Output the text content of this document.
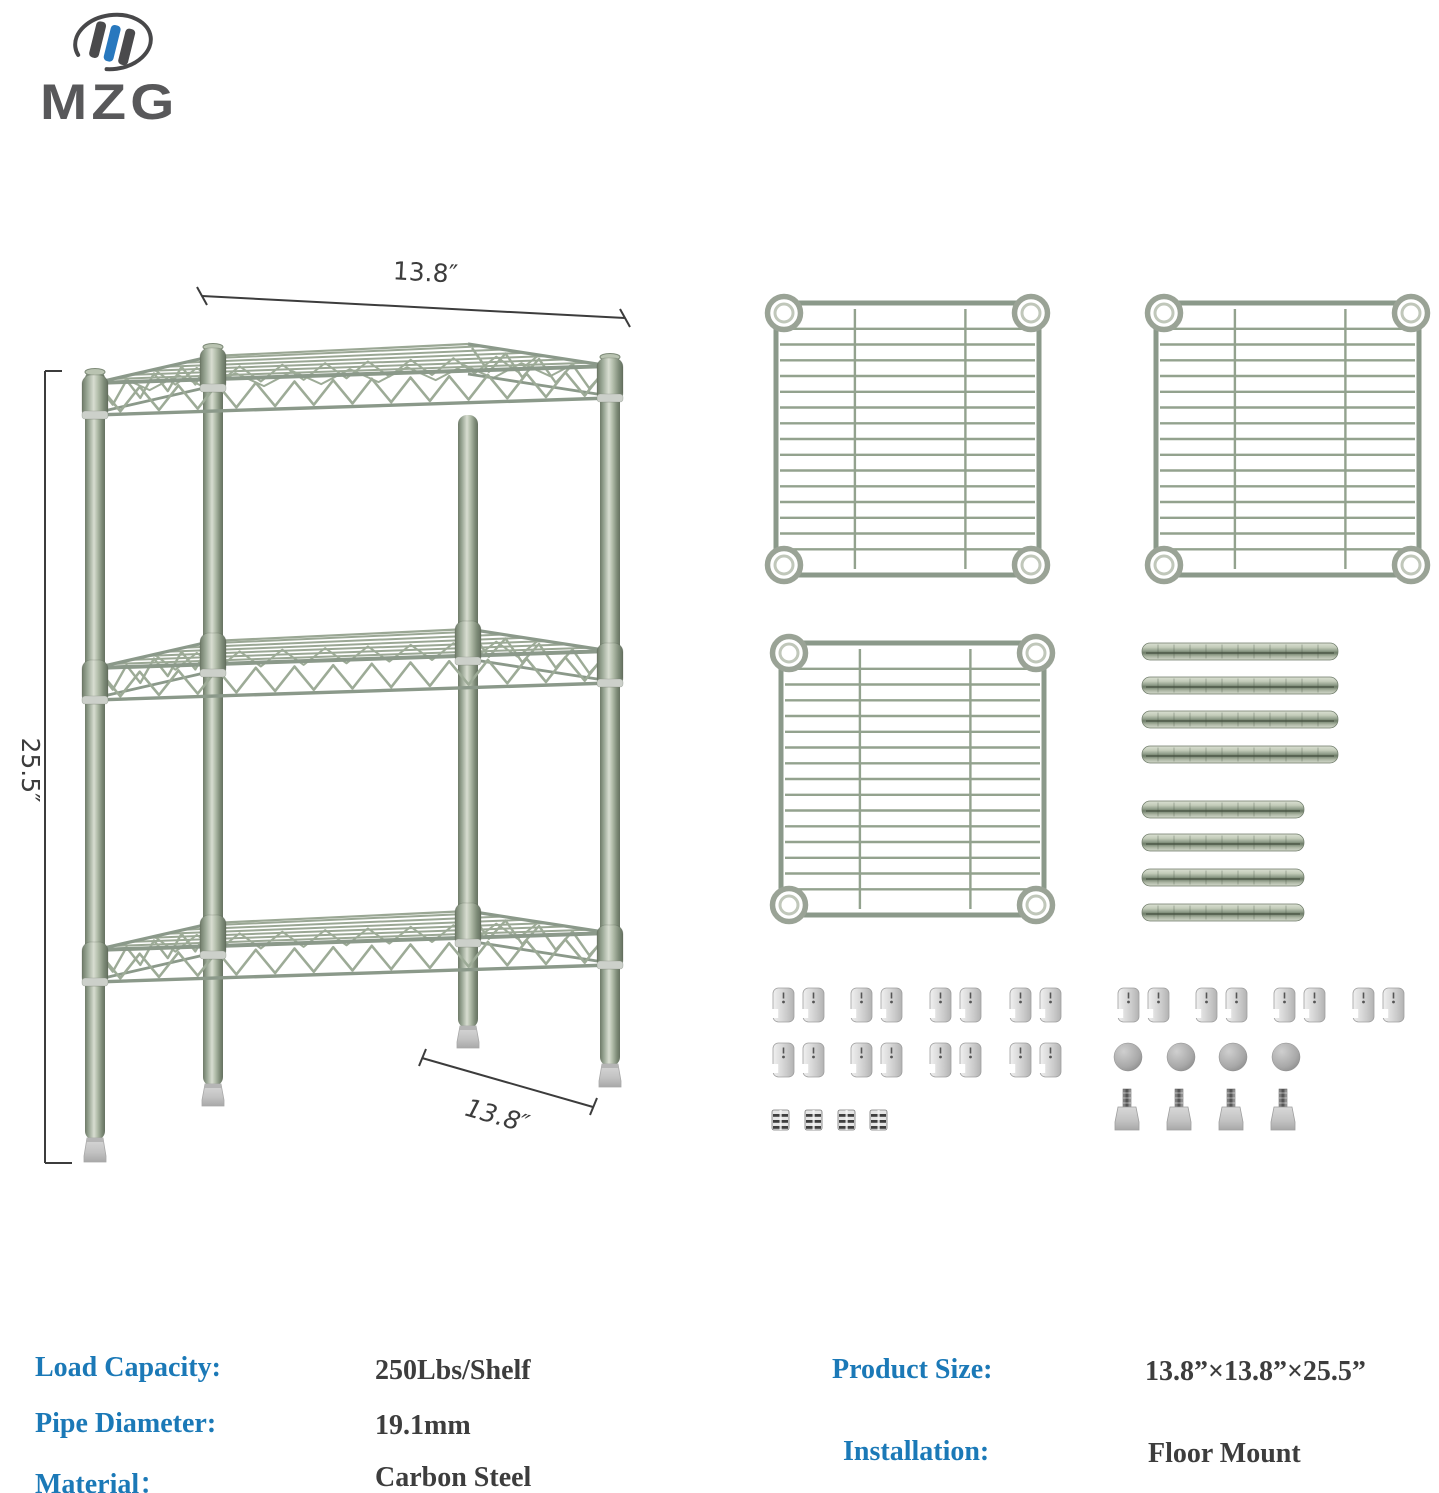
MZG
13.8″
25.5″
13.8″
Load Capacity:	250Lbs/Shelf
Pipe Diameter:	19.1mm
Material：	Carbon Steel
Product Size:	13.8”×13.8”×25.5”
Installation:	Floor Mount
